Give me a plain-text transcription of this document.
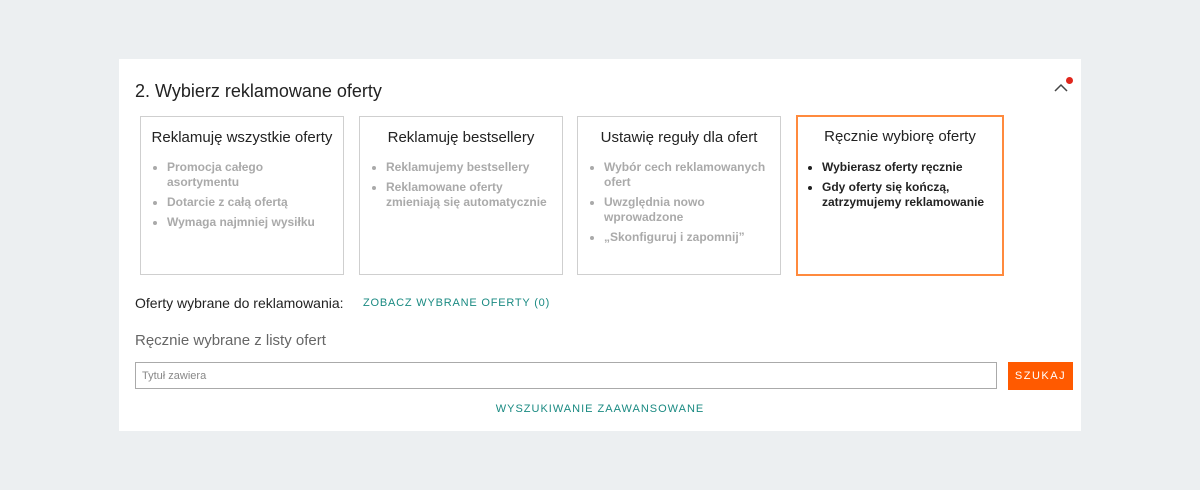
2. Wybierz reklamowane oferty
Reklamuję wszystkie oferty
• Promocja całego asortymentu
• Dotarcie z całą ofertą
• Wymaga najmniej wysiłku
Reklamuję bestsellery
• Reklamujemy bestsellery
• Reklamowane oferty zmieniają się automatycznie
Ustawię reguły dla ofert
• Wybór cech reklamowanych ofert
• Uwzględnia nowo wprowadzone
• „Skonfiguruj i zapomnij”
Ręcznie wybiorę oferty
• Wybierasz oferty ręcznie
• Gdy oferty się kończą, zatrzymujemy reklamowanie
Oferty wybrane do reklamowania: ZOBACZ WYBRANE OFERTY (0)
Ręcznie wybrane z listy ofert
Tytuł zawiera
SZUKAJ
WYSZUKIWANIE ZAAWANSOWANE
